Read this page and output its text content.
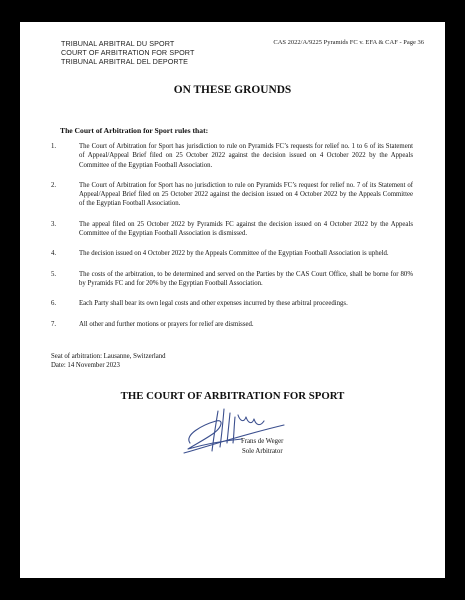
TRIBUNAL ARBITRAL DU SPORT
COURT OF ARBITRATION FOR SPORT
TRIBUNAL ARBITRAL DEL DEPORTE
CAS 2022/A/9225 Pyramids FC v. EFA & CAF - Page 36
ON THESE GROUNDS
The Court of Arbitration for Sport rules that:
1.	The Court of Arbitration for Sport has jurisdiction to rule on Pyramids FC’s requests for relief no. 1 to 6 of its Statement of Appeal/Appeal Brief filed on 25 October 2022 against the decision issued on 4 October 2022 by the Appeals Committee of the Egyptian Football Association.
2.	The Court of Arbitration for Sport has no jurisdiction to rule on Pyramids FC’s request for relief no. 7 of its Statement of Appeal/Appeal Brief filed on 25 October 2022 against the decision issued on 4 October 2022 by the Appeals Committee of the Egyptian Football Association.
3.	The appeal filed on 25 October 2022 by Pyramids FC against the decision issued on 4 October 2022 by the Appeals Committee of the Egyptian Football Association is dismissed.
4.	The decision issued on 4 October 2022 by the Appeals Committee of the Egyptian Football Association is upheld.
5.	The costs of the arbitration, to be determined and served on the Parties by the CAS Court Office, shall be borne for 80% by Pyramids FC and for 20% by the Egyptian Football Association.
6.	Each Party shall bear its own legal costs and other expenses incurred by these arbitral proceedings.
7.	All other and further motions or prayers for relief are dismissed.
Seat of arbitration: Lausanne, Switzerland
Date: 14 November 2023
THE COURT OF ARBITRATION FOR SPORT
Frans de Weger
Sole Arbitrator
